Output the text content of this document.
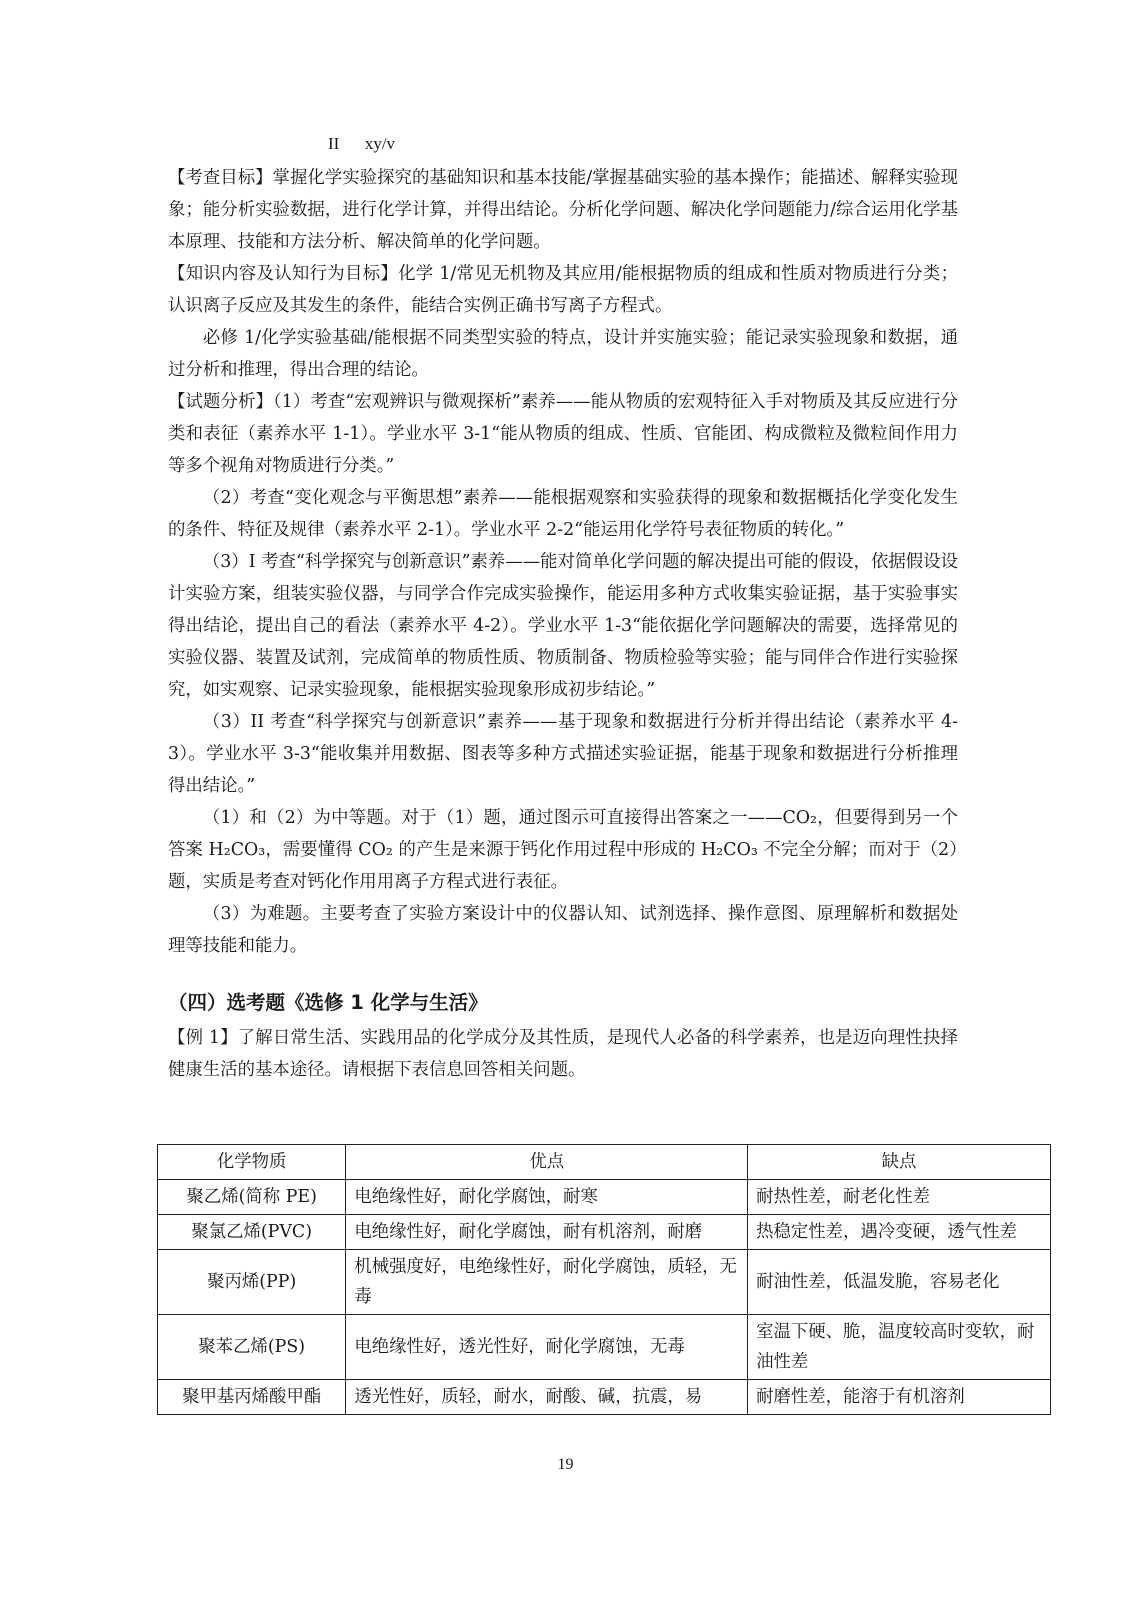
II      xy/v

【考查目标】掌握化学实验探究的基础知识和基本技能/掌握基础实验的基本操作；能描述、解释实验现象；能分析实验数据，进行化学计算，并得出结论。分析化学问题、解决化学问题能力/综合运用化学基本原理、技能和方法分析、解决简单的化学问题。

【知识内容及认知行为目标】化学 1/常见无机物及其应用/能根据物质的组成和性质对物质进行分类；认识离子反应及其发生的条件，能结合实例正确书写离子方程式。

必修 1/化学实验基础/能根据不同类型实验的特点，设计并实施实验；能记录实验现象和数据，通过分析和推理，得出合理的结论。

【试题分析】（1）考查“宏观辨识与微观探析”素养——能从物质的宏观特征入手对物质及其反应进行分类和表征（素养水平 1-1）。学业水平 3-1“能从物质的组成、性质、官能团、构成微粒及微粒间作用力等多个视角对物质进行分类。”

（2）考查“变化观念与平衡思想”素养——能根据观察和实验获得的现象和数据概括化学变化发生的条件、特征及规律（素养水平 2-1）。学业水平 2-2“能运用化学符号表征物质的转化。”

（3）I 考查“科学探究与创新意识”素养——能对简单化学问题的解决提出可能的假设，依据假设设计实验方案，组装实验仪器，与同学合作完成实验操作，能运用多种方式收集实验证据，基于实验事实得出结论，提出自己的看法（素养水平 4-2）。学业水平 1-3“能依据化学问题解决的需要，选择常见的实验仪器、装置及试剂，完成简单的物质性质、物质制备、物质检验等实验；能与同伴合作进行实验探究，如实观察、记录实验现象，能根据实验现象形成初步结论。”

（3）II 考查“科学探究与创新意识”素养——基于现象和数据进行分析并得出结论（素养水平 4-3）。学业水平 3-3“能收集并用数据、图表等多种方式描述实验证据，能基于现象和数据进行分析推理得出结论。”

（1）和（2）为中等题。对于（1）题，通过图示可直接得出答案之一——CO₂，但要得到另一个答案 H₂CO₃，需要懂得 CO₂ 的产生是来源于钙化作用过程中形成的 H₂CO₃ 不完全分解；而对于（2）题，实质是考查对钙化作用用离子方程式进行表征。

（3）为难题。主要考查了实验方案设计中的仪器认知、试剂选择、操作意图、原理解析和数据处理等技能和能力。

（四）选考题《选修 1 化学与生活》

【例 1】了解日常生活、实践用品的化学成分及其性质，是现代人必备的科学素养，也是迈向理性抉择健康生活的基本途径。请根据下表信息回答相关问题。

化学物质	优点	缺点
聚乙烯(简称 PE)	电绝缘性好，耐化学腐蚀，耐寒	耐热性差，耐老化性差
聚氯乙烯(PVC)	电绝缘性好，耐化学腐蚀，耐有机溶剂，耐磨	热稳定性差，遇冷变硬，透气性差
聚丙烯(PP)	机械强度好，电绝缘性好，耐化学腐蚀，质轻，无毒	耐油性差，低温发脆，容易老化
聚苯乙烯(PS)	电绝缘性好，透光性好，耐化学腐蚀，无毒	室温下硬、脆，温度较高时变软，耐油性差
聚甲基丙烯酸甲酯	透光性好，质轻，耐水，耐酸、碱，抗震，易	耐磨性差，能溶于有机溶剂
19
